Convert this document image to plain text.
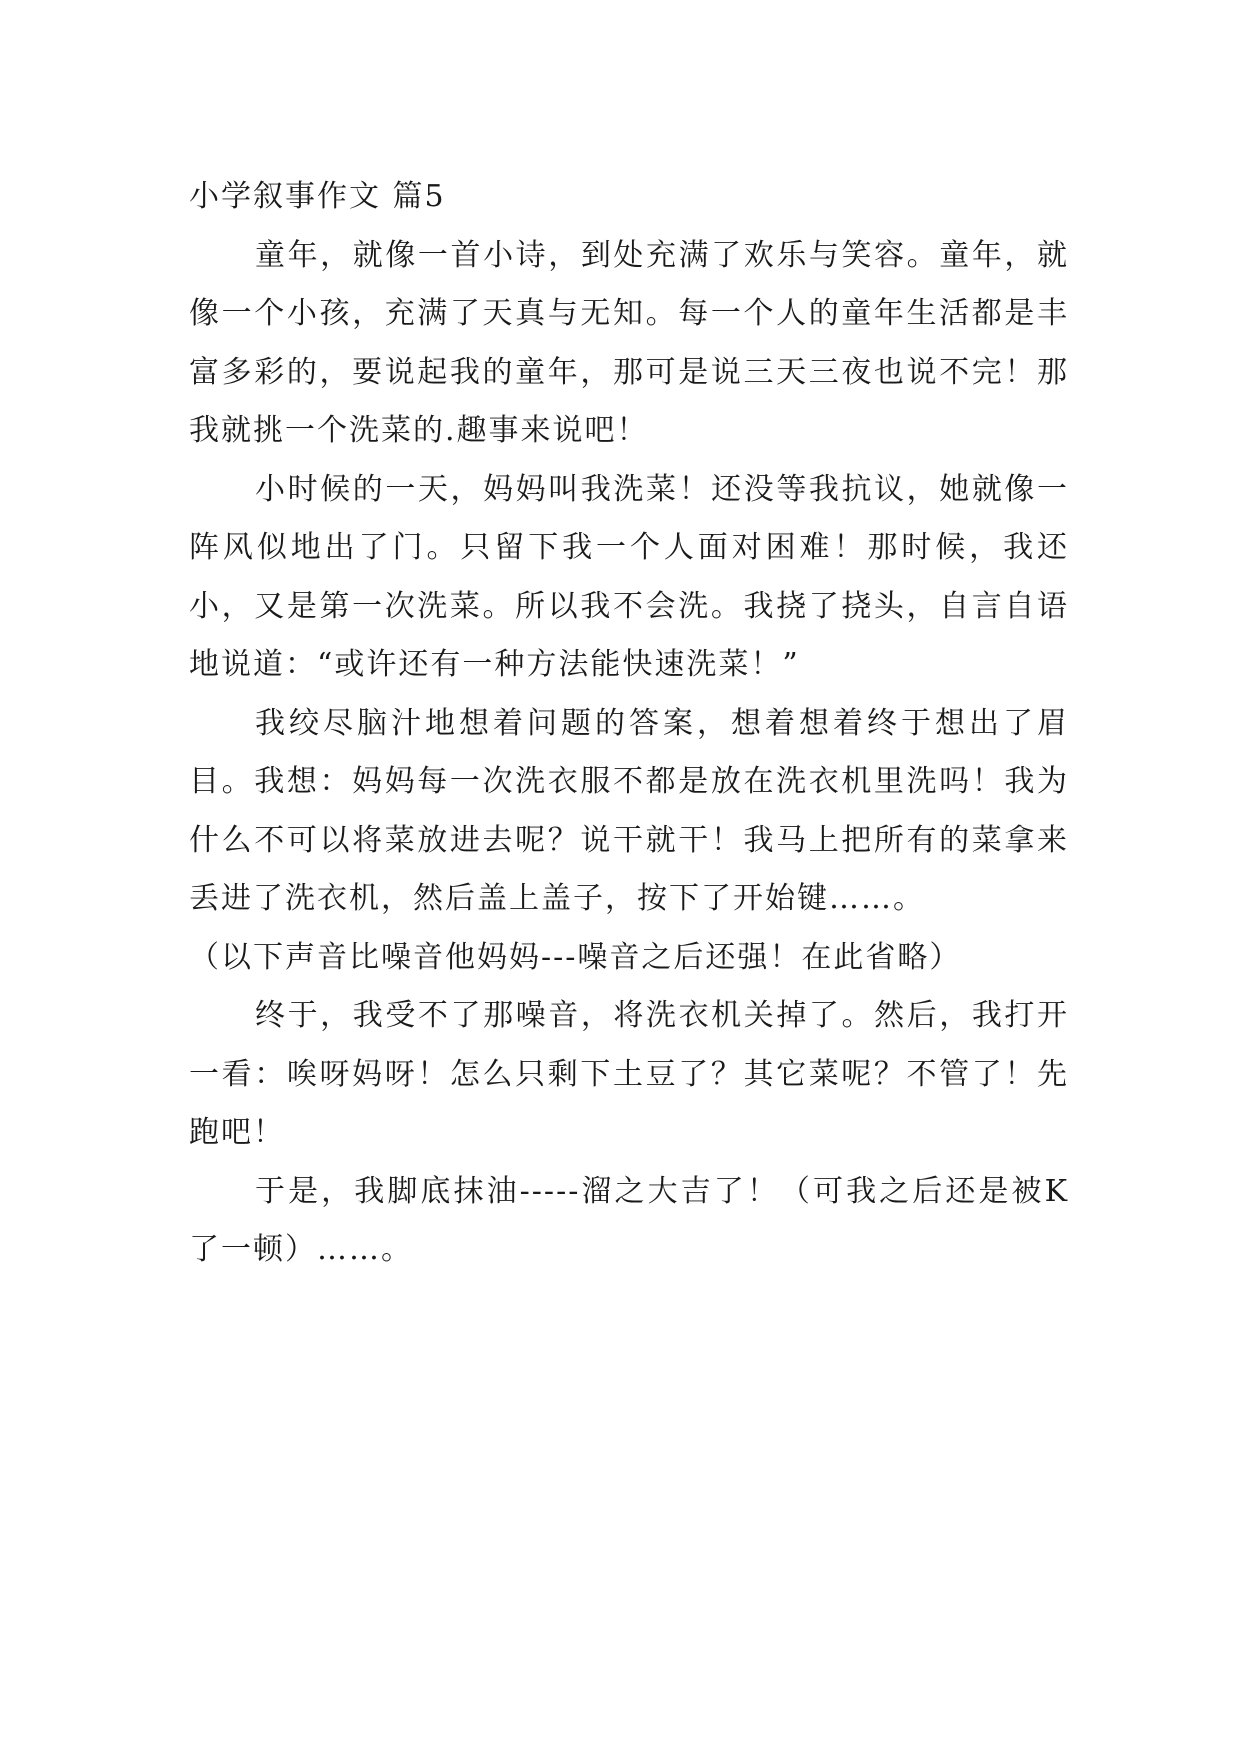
小学叙事作文 篇5

童年，就像一首小诗，到处充满了欢乐与笑容。童年，就像一个小孩，充满了天真与无知。每一个人的童年生活都是丰富多彩的，要说起我的童年，那可是说三天三夜也说不完！那我就挑一个洗菜的.趣事来说吧！

小时候的一天，妈妈叫我洗菜！还没等我抗议，她就像一阵风似地出了门。只留下我一个人面对困难！那时候，我还小，又是第一次洗菜。所以我不会洗。我挠了挠头，自言自语地说道：“或许还有一种方法能快速洗菜！”

我绞尽脑汁地想着问题的答案，想着想着终于想出了眉目。我想：妈妈每一次洗衣服不都是放在洗衣机里洗吗！我为什么不可以将菜放进去呢？说干就干！我马上把所有的菜拿来丢进了洗衣机，然后盖上盖子，按下了开始键……。

（以下声音比噪音他妈妈---噪音之后还强！在此省略）

终于，我受不了那噪音，将洗衣机关掉了。然后，我打开一看：唉呀妈呀！怎么只剩下土豆了？其它菜呢？不管了！先跑吧！

于是，我脚底抹油-----溜之大吉了！（可我之后还是被K了一顿）……。
